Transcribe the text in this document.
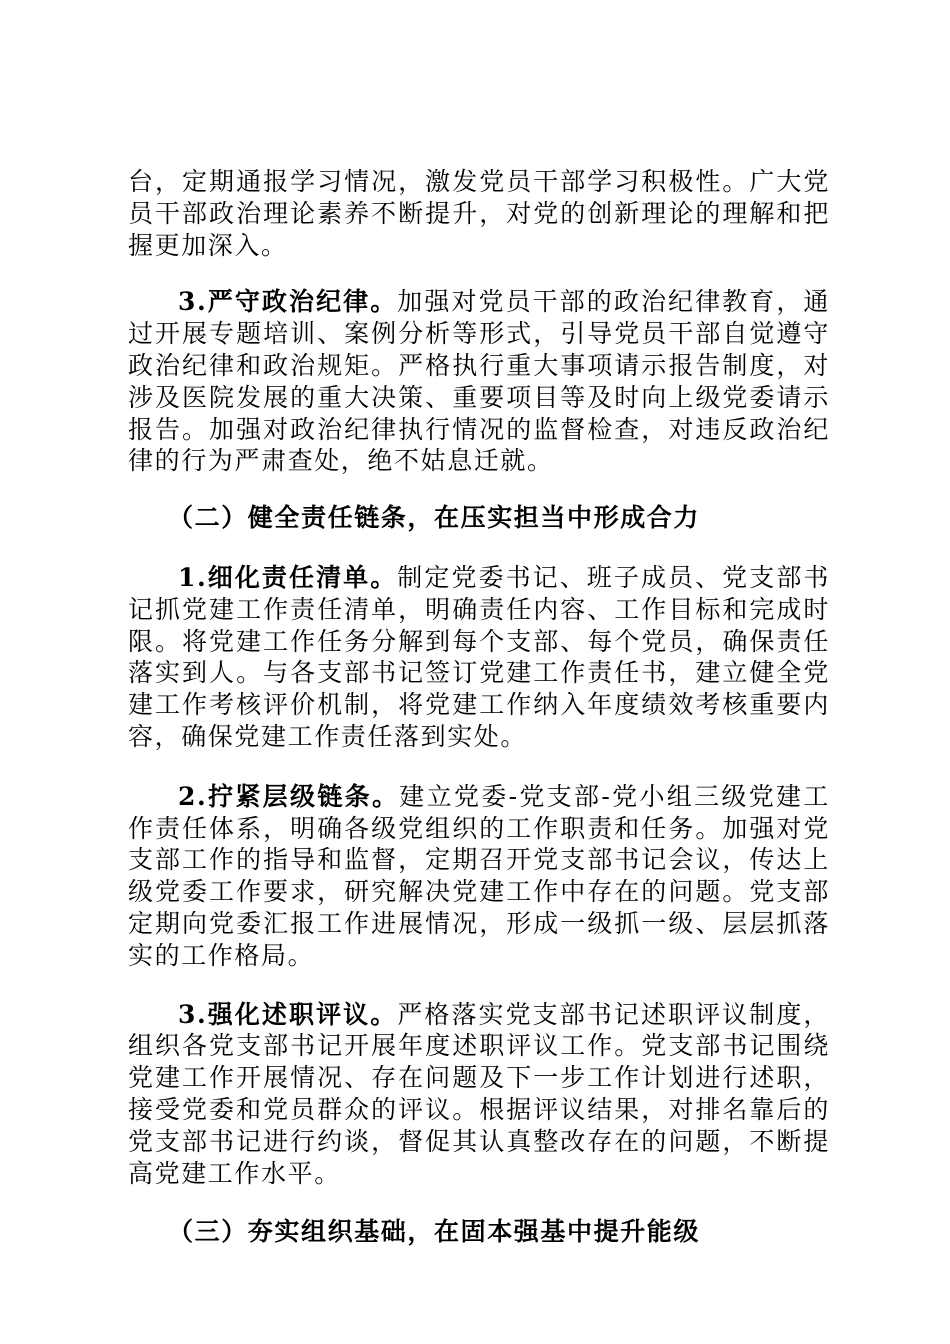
台，定期通报学习情况，激发党员干部学习积极性。广大党员干部政治理论素养不断提升，对党的创新理论的理解和把握更加深入。

3.严守政治纪律。加强对党员干部的政治纪律教育，通过开展专题培训、案例分析等形式，引导党员干部自觉遵守政治纪律和政治规矩。严格执行重大事项请示报告制度，对涉及医院发展的重大决策、重要项目等及时向上级党委请示报告。加强对政治纪律执行情况的监督检查，对违反政治纪律的行为严肃查处，绝不姑息迁就。

（二）健全责任链条，在压实担当中形成合力

1.细化责任清单。制定党委书记、班子成员、党支部书记抓党建工作责任清单，明确责任内容、工作目标和完成时限。将党建工作任务分解到每个支部、每个党员，确保责任落实到人。与各支部书记签订党建工作责任书，建立健全党建工作考核评价机制，将党建工作纳入年度绩效考核重要内容，确保党建工作责任落到实处。

2.拧紧层级链条。建立党委-党支部-党小组三级党建工作责任体系，明确各级党组织的工作职责和任务。加强对党支部工作的指导和监督，定期召开党支部书记会议，传达上级党委工作要求，研究解决党建工作中存在的问题。党支部定期向党委汇报工作进展情况，形成一级抓一级、层层抓落实的工作格局。

3.强化述职评议。严格落实党支部书记述职评议制度，组织各党支部书记开展年度述职评议工作。党支部书记围绕党建工作开展情况、存在问题及下一步工作计划进行述职，接受党委和党员群众的评议。根据评议结果，对排名靠后的党支部书记进行约谈，督促其认真整改存在的问题，不断提高党建工作水平。

（三）夯实组织基础，在固本强基中提升能级
